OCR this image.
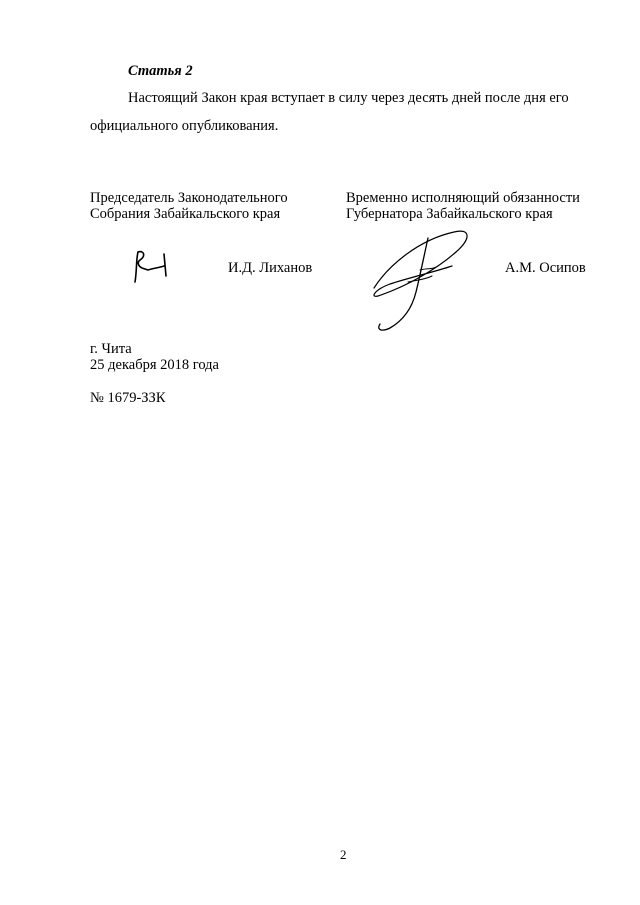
Статья 2
Настоящий Закон края вступает в силу через десять дней после дня его
официального опубликования.
Председатель Законодательного
Собрания Забайкальского края
Временно исполняющий обязанности
Губернатора Забайкальского края
И.Д. Лиханов	А.М. Осипов
г. Чита
25 декабря 2018 года
№ 1679-ЗЗК
2
